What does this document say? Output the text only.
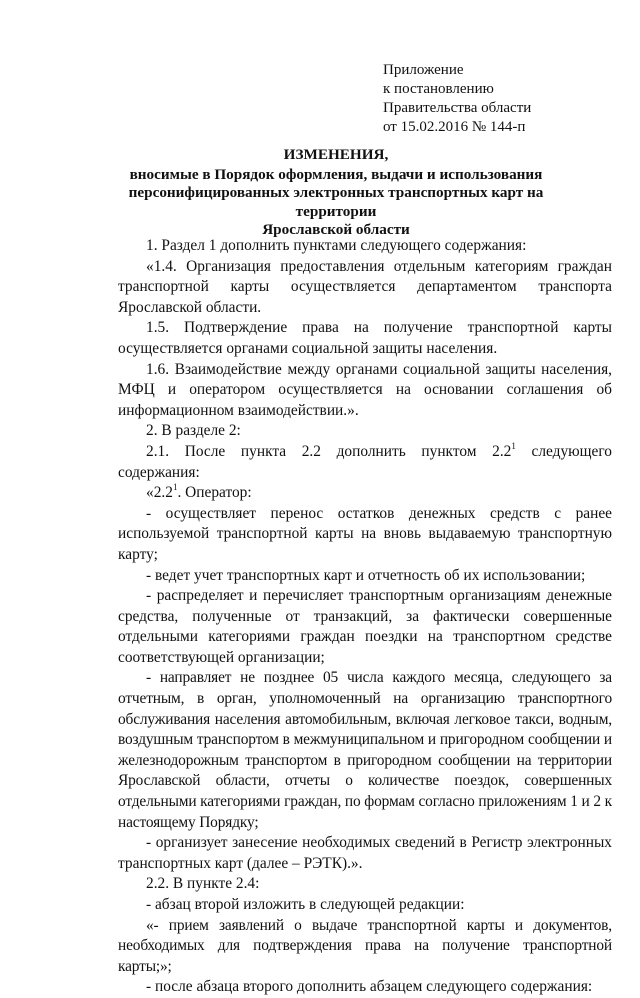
Приложение
к постановлению
Правительства области
от 15.02.2016 № 144-п
ИЗМЕНЕНИЯ,
вносимые в Порядок оформления, выдачи и использования
персонифицированных электронных транспортных карт на территории
Ярославской области

1. Раздел 1 дополнить пунктами следующего содержания:

«1.4. Организация предоставления отдельным категориям граждан транспортной карты осуществляется департаментом транспорта Ярославской области.

1.5. Подтверждение права на получение транспортной карты осуществляется органами социальной защиты населения.

1.6. Взаимодействие между органами социальной защиты населения, МФЦ и оператором осуществляется на основании соглашения об информационном взаимодействии.».

2. В разделе 2:

2.1. После пункта 2.2 дополнить пунктом $2.2^1$ следующего содержания:

«$2.2^1$. Оператор:

- осуществляет перенос остатков денежных средств с ранее используемой транспортной карты на вновь выдаваемую транспортную карту;

- ведет учет транспортных карт и отчетность об их использовании;

- распределяет и перечисляет транспортным организациям денежные средства, полученные от транзакций, за фактически совершенные отдельными категориями граждан поездки на транспортном средстве соответствующей организации;

- направляет не позднее 05 числа каждого месяца, следующего за отчетным, в орган, уполномоченный на организацию транспортного обслуживания населения автомобильным, включая легковое такси, водным, воздушным транспортом в межмуниципальном и пригородном сообщении и железнодорожным транспортом в пригородном сообщении на территории Ярославской области, отчеты о количестве поездок, совершенных отдельными категориями граждан, по формам согласно приложениям 1 и 2 к настоящему Порядку;

- организует занесение необходимых сведений в Регистр электронных транспортных карт (далее – РЭТК).».

2.2. В пункте 2.4:

- абзац второй изложить в следующей редакции:

«- прием заявлений о выдаче транспортной карты и документов, необходимых для подтверждения права на получение транспортной карты;»;

- после абзаца второго дополнить абзацем следующего содержания:
